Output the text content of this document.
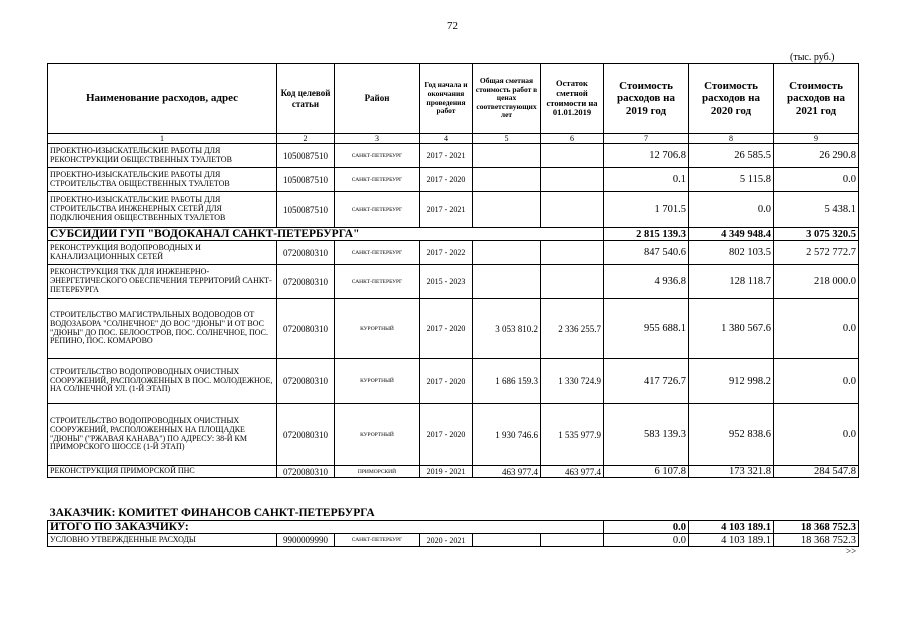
72
(тыс. руб.)
Наименование расходов, адрес	Код целевой статьи	Район	Год начала и окончания проведения работ	Общая сметная стоимость работ в ценах соответствующих лет	Остаток сметной стоимости на 01.01.2019	Стоимость расходов на 2019 год	Стоимость расходов на 2020 год	Стоимость расходов на 2021 год
1	2	3	4	5	6	7	8	9
ПРОЕКТНО-ИЗЫСКАТЕЛЬСКИЕ РАБОТЫ ДЛЯ РЕКОНСТРУКЦИИ ОБЩЕСТВЕННЫХ ТУАЛЕТОВ	1050087510	САНКТ-ПЕТЕРБУРГ	2017 - 2021			12 706.8	26 585.5	26 290.8
ПРОЕКТНО-ИЗЫСКАТЕЛЬСКИЕ РАБОТЫ ДЛЯ СТРОИТЕЛЬСТВА ОБЩЕСТВЕННЫХ ТУАЛЕТОВ	1050087510	САНКТ-ПЕТЕРБУРГ	2017 - 2020			0.1	5 115.8	0.0
ПРОЕКТНО-ИЗЫСКАТЕЛЬСКИЕ РАБОТЫ ДЛЯ СТРОИТЕЛЬСТВА ИНЖЕНЕРНЫХ СЕТЕЙ ДЛЯ ПОДКЛЮЧЕНИЯ ОБЩЕСТВЕННЫХ ТУАЛЕТОВ	1050087510	САНКТ-ПЕТЕРБУРГ	2017 - 2021			1 701.5	0.0	5 438.1
СУБСИДИИ ГУП "ВОДОКАНАЛ САНКТ-ПЕТЕРБУРГА"						2 815 139.3	4 349 948.4	3 075 320.5
РЕКОНСТРУКЦИЯ ВОДОПРОВОДНЫХ И КАНАЛИЗАЦИОННЫХ СЕТЕЙ	0720080310	САНКТ-ПЕТЕРБУРГ	2017 - 2022			847 540.6	802 103.5	2 572 772.7
РЕКОНСТРУКЦИЯ ТКК ДЛЯ ИНЖЕНЕРНО-ЭНЕРГЕТИЧЕСКОГО ОБЕСПЕЧЕНИЯ ТЕРРИТОРИЙ САНКТ-ПЕТЕРБУРГА	0720080310	САНКТ-ПЕТЕРБУРГ	2015 - 2023			4 936.8	128 118.7	218 000.0
СТРОИТЕЛЬСТВО МАГИСТРАЛЬНЫХ ВОДОВОДОВ ОТ ВОДОЗАБОРА "СОЛНЕЧНОЕ" ДО ВОС "ДЮНЫ" И ОТ ВОС "ДЮНЫ" ДО ПОС. БЕЛООСТРОВ, ПОС. СОЛНЕЧНОЕ, ПОС. РЕПИНО, ПОС. КОМАРОВО	0720080310	КУРОРТНЫЙ	2017 - 2020	3 053 810.2	2 336 255.7	955 688.1	1 380 567.6	0.0
СТРОИТЕЛЬСТВО ВОДОПРОВОДНЫХ ОЧИСТНЫХ СООРУЖЕНИЙ, РАСПОЛОЖЕННЫХ В ПОС. МОЛОДЕЖНОЕ, НА СОЛНЕЧНОЙ УЛ. (1-Й ЭТАП)	0720080310	КУРОРТНЫЙ	2017 - 2020	1 686 159.3	1 330 724.9	417 726.7	912 998.2	0.0
СТРОИТЕЛЬСТВО ВОДОПРОВОДНЫХ ОЧИСТНЫХ СООРУЖЕНИЙ, РАСПОЛОЖЕННЫХ НА ПЛОЩАДКЕ "ДЮНЫ" ("РЖАВАЯ КАНАВА") ПО АДРЕСУ: 38-Й КМ ПРИМОРСКОГО ШОССЕ (1-Й ЭТАП)	0720080310	КУРОРТНЫЙ	2017 - 2020	1 930 746.6	1 535 977.9	583 139.3	952 838.6	0.0
РЕКОНСТРУКЦИЯ ПРИМОРСКОЙ ПНС	0720080310	ПРИМОРСКИЙ	2019 - 2021	463 977.4	463 977.4	6 107.8	173 321.8	284 547.8
ЗАКАЗЧИК: КОМИТЕТ ФИНАНСОВ САНКТ-ПЕТЕРБУРГА								
ИТОГО ПО ЗАКАЗЧИКУ:						0.0	4 103 189.1	18 368 752.3
УСЛОВНО УТВЕРЖДЕННЫЕ РАСХОДЫ	9900009990	САНКТ-ПЕТЕРБУРГ	2020 - 2021			0.0	4 103 189.1	18 368 752.3
>>
